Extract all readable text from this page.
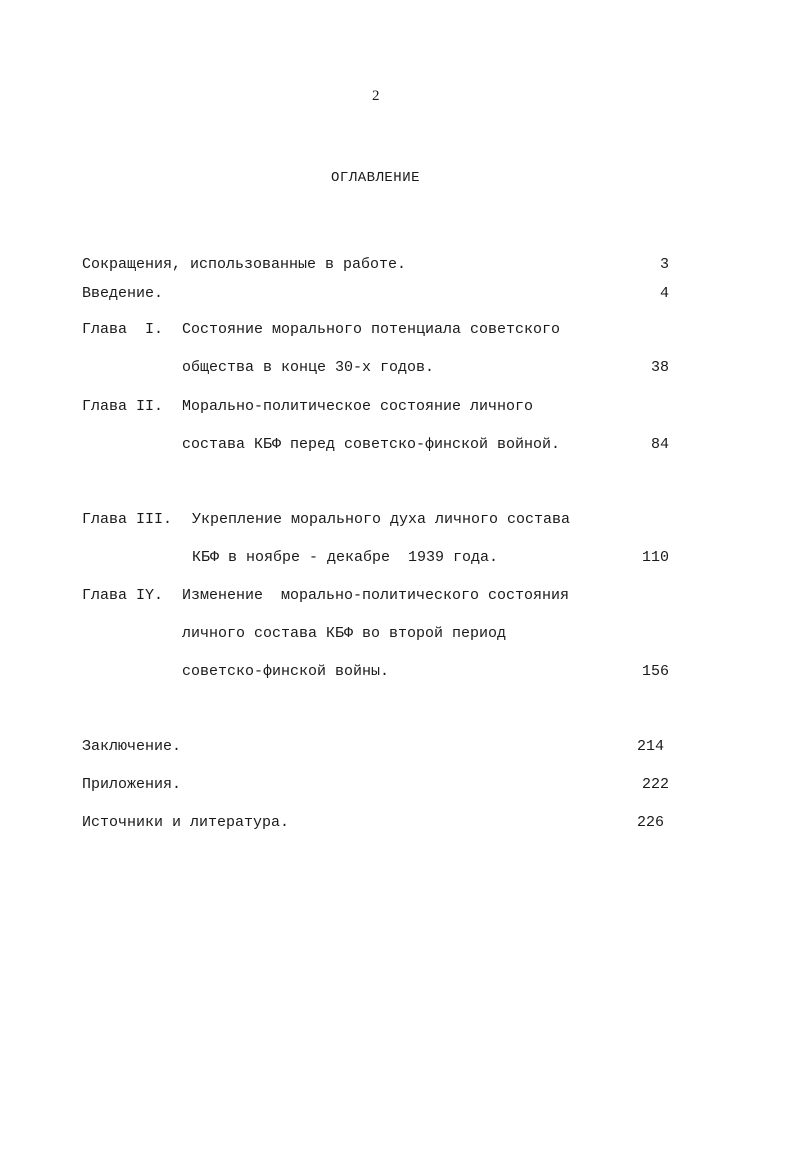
2
ОГЛАВЛЕНИЕ
Сокращения, использованные в работе.	3
Введение.	4
Глава  I. Состояние морального потенциала советского
общества в конце 30-х годов.	38
Глава II. Морально-политическое состояние личного
состава КБФ перед советско-финской войной.	84
Глава III. Укрепление морального духа личного состава
КБФ в ноябре - декабре  1939 года.	110
Глава IY. Изменение  морально-политического состояния
личного состава КБФ во второй период
советско-финской войны.	156
Заключение.	214
Приложения.	222
Источники и литература.	226
